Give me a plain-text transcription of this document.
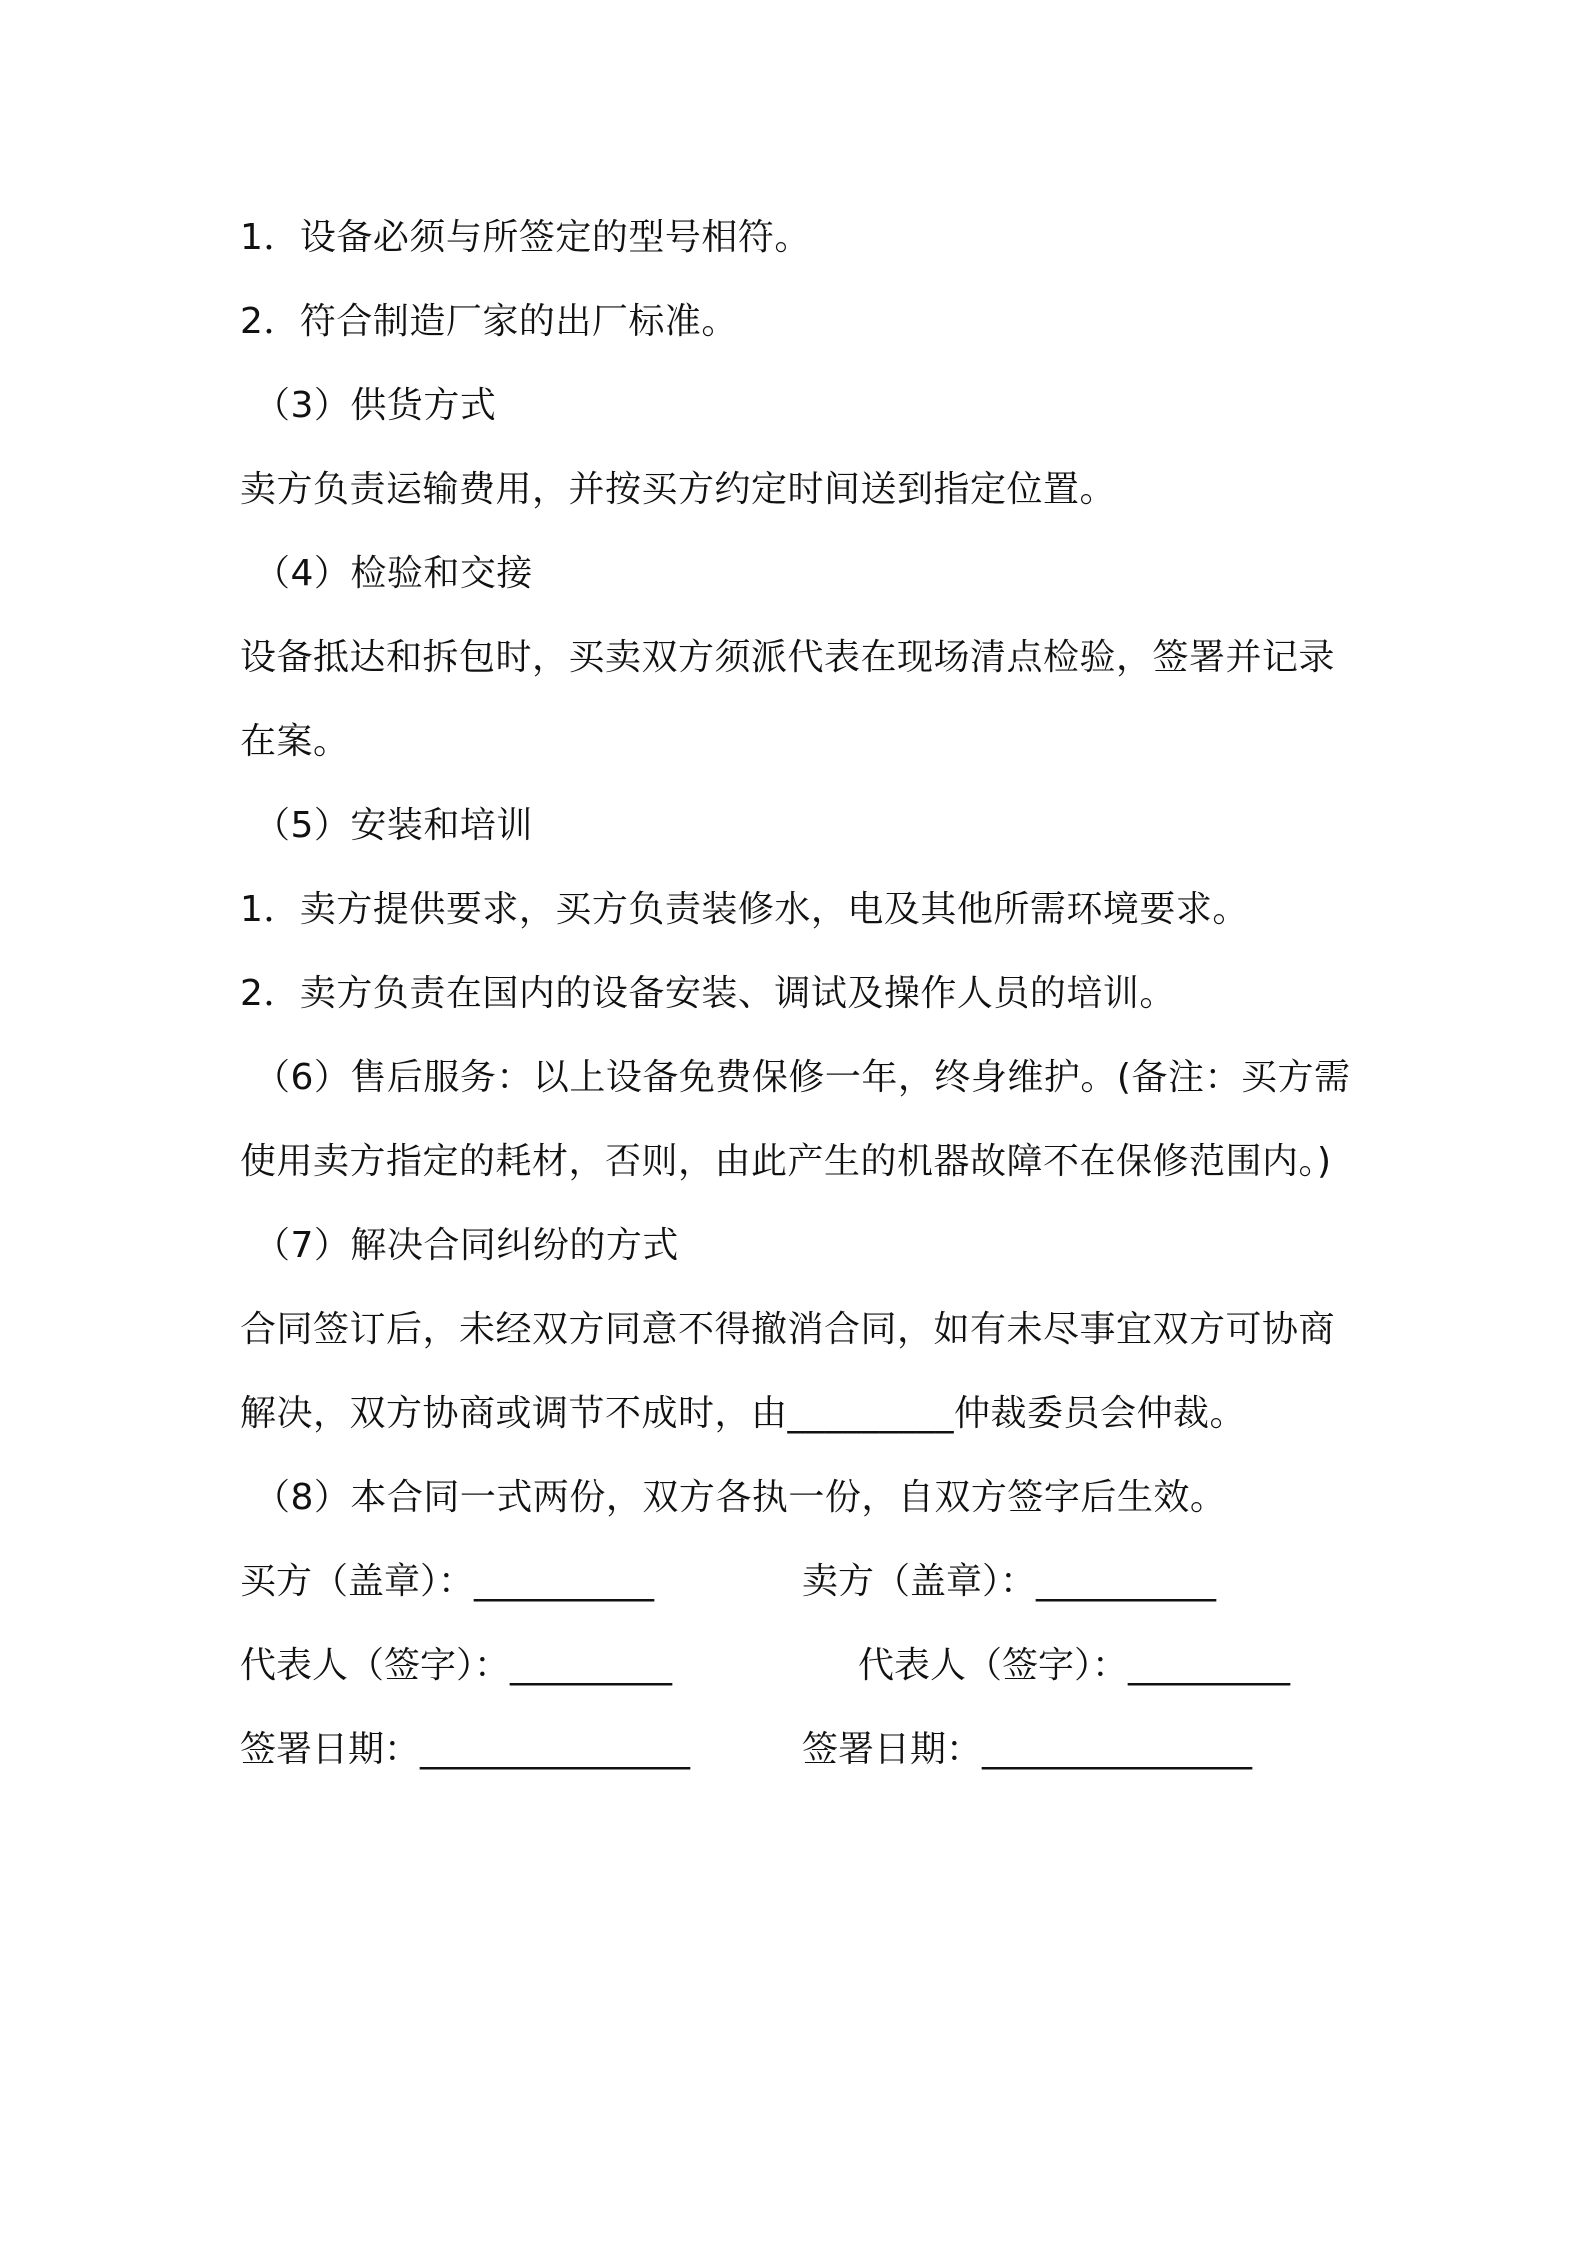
1．设备必须与所签定的型号相符。
2．符合制造厂家的出厂标准。
（3）供货方式
卖方负责运输费用，并按买方约定时间送到指定位置。
（4）检验和交接
设备抵达和拆包时，买卖双方须派代表在现场清点检验，签署并记录
在案。
（5）安装和培训
1．卖方提供要求，买方负责装修水，电及其他所需环境要求。
2．卖方负责在国内的设备安装、调试及操作人员的培训。
（6）售后服务：以上设备免费保修一年，终身维护。(备注：买方需
使用卖方指定的耗材，否则，由此产生的机器故障不在保修范围内。)
（7）解决合同纠纷的方式
合同签订后，未经双方同意不得撤消合同，如有未尽事宜双方可协商
解决，双方协商或调节不成时，由_________仲裁委员会仲裁。
（8）本合同一式两份，双方各执一份，自双方签字后生效。
买方（盖章）：__________	卖方（盖章）：__________
代表人（签字）：_________	代表人（签字）：_________
签署日期：_______________	签署日期：_______________
